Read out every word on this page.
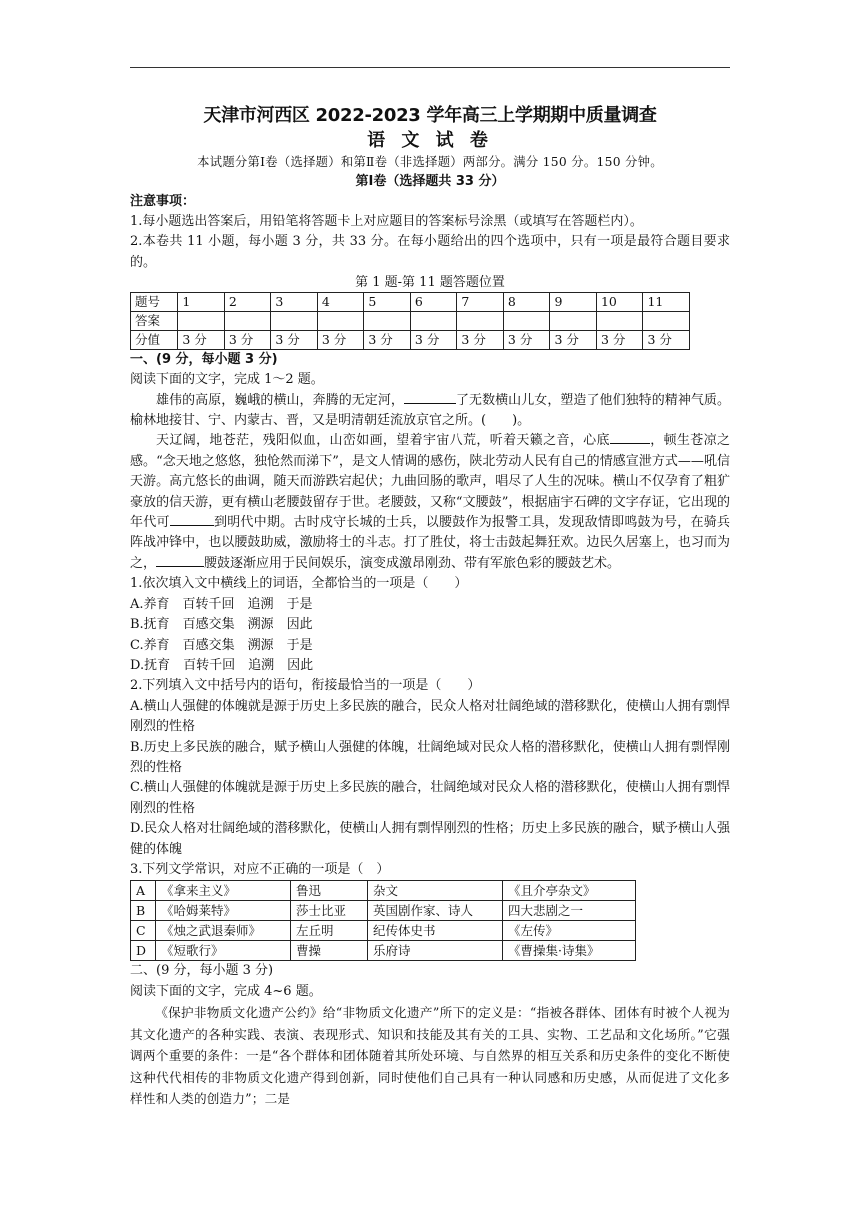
天津市河西区 2022-2023 学年高三上学期期中质量调查

语 文 试 卷

本试题分第Ⅰ卷（选择题）和第Ⅱ卷（非选择题）两部分。满分 150 分。150 分钟。

第Ⅰ卷（选择题共 33 分）

注意事项：

1.每小题选出答案后，用铅笔将答题卡上对应题目的答案标号涂黑（或填写在答题栏内）。

2.本卷共 11 小题，每小题 3 分，共 33 分。在每小题给出的四个选项中，只有一项是最符合题目要求的。

第 1 题-第 11 题答题位置

题号	1	2	3	4	5	6	7	8	9	10	11
答案											
分值	3 分	3 分	3 分	3 分	3 分	3 分	3 分	3 分	3 分	3 分	3 分

一、(9 分，每小题 3 分)

阅读下面的文字，完成 1～2 题。

雄伟的高原，巍峨的横山，奔腾的无定河，	了无数横山儿女，塑造了他们独特的精神气质。榆林地接甘、宁、内蒙古、晋，又是明清朝廷流放京官之所。(　　)。

天辽阔，地苍茫，残阳似血，山峦如画，望着宇宙八荒，听着天籁之音，心底	，顿生苍凉之感。“念天地之悠悠，独怆然而涕下”，是文人情调的感伤，陕北劳动人民有自己的情感宣泄方式——吼信天游。高亢悠长的曲调，随天而游跌宕起伏；九曲回肠的歌声，唱尽了人生的况味。横山不仅孕育了粗犷豪放的信天游，更有横山老腰鼓留存于世。老腰鼓，又称“文腰鼓”，根据庙宇石碑的文字存证，它出现的年代可	到明代中期。古时戍守长城的士兵，以腰鼓作为报警工具，发现敌情即鸣鼓为号，在骑兵阵战冲锋中，也以腰鼓助威，激励将士的斗志。打了胜仗，将士击鼓起舞狂欢。边民久居塞上，也习而为之，	腰鼓逐渐应用于民间娱乐，演变成激昂刚劲、带有军旅色彩的腰鼓艺术。

1.依次填入文中横线上的词语，全都恰当的一项是（　　）

A.养育　百转千回　追溯　于是

B.抚育　百感交集　溯源　因此

C.养育　百感交集　溯源　于是

D.抚育　百转千回　追溯　因此

2.下列填入文中括号内的语句，衔接最恰当的一项是（　　）

A.横山人强健的体魄就是源于历史上多民族的融合，民众人格对壮阔绝域的潜移默化，使横山人拥有剽悍刚烈的性格

B.历史上多民族的融合，赋予横山人强健的体魄，壮阔绝域对民众人格的潜移默化，使横山人拥有剽悍刚烈的性格

C.横山人强健的体魄就是源于历史上多民族的融合，壮阔绝域对民众人格的潜移默化，使横山人拥有剽悍刚烈的性格

D.民众人格对壮阔绝域的潜移默化，使横山人拥有剽悍刚烈的性格；历史上多民族的融合，赋予横山人强健的体魄

3.下列文学常识，对应不正确的一项是（　）

A	《拿来主义》	鲁迅	杂文	《且介亭杂文》
B	《哈姆莱特》	莎士比亚	英国剧作家、诗人	四大悲剧之一
C	《烛之武退秦师》	左丘明	纪传体史书	《左传》
D	《短歌行》	曹操	乐府诗	《曹操集·诗集》

二、(9 分，每小题 3 分)

阅读下面的文字，完成 4~6 题。

《保护非物质文化遗产公约》给“非物质文化遗产”所下的定义是：“指被各群体、团体有时被个人视为其文化遗产的各种实践、表演、表现形式、知识和技能及其有关的工具、实物、工艺品和文化场所。”它强调两个重要的条件：一是“各个群体和团体随着其所处环境、与自然界的相互关系和历史条件的变化不断使这种代代相传的非物质文化遗产得到创新，同时使他们自己具有一种认同感和历史感，从而促进了文化多样性和人类的创造力”；二是
